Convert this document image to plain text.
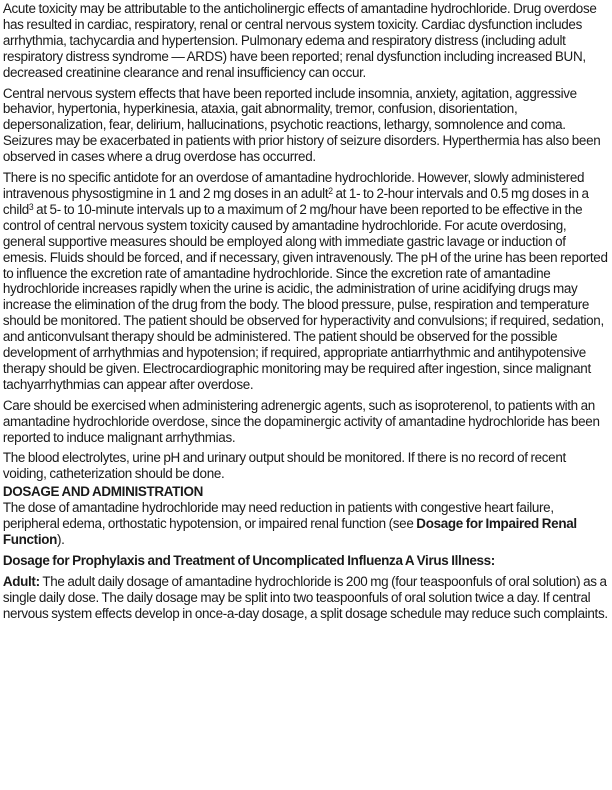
Acute toxicity may be attributable to the anticholinergic effects of amantadine hydrochloride. Drug overdose has resulted in cardiac, respiratory, renal or central nervous system toxicity. Cardiac dysfunction includes arrhythmia, tachycardia and hypertension. Pulmonary edema and respiratory distress (including adult respiratory distress syndrome — ARDS) have been reported; renal dysfunction including increased BUN, decreased creatinine clearance and renal insufficiency can occur.

Central nervous system effects that have been reported include insomnia, anxiety, agitation, aggressive behavior, hypertonia, hyperkinesia, ataxia, gait abnormality, tremor, confusion, disorientation, depersonalization, fear, delirium, hallucinations, psychotic reactions, lethargy, somnolence and coma. Seizures may be exacerbated in patients with prior history of seizure disorders. Hyperthermia has also been observed in cases where a drug overdose has occurred.

There is no specific antidote for an overdose of amantadine hydrochloride. However, slowly administered intravenous physostigmine in 1 and 2 mg doses in an adult$^2$ at 1- to 2-hour intervals and 0.5 mg doses in a child$^3$ at 5- to 10-minute intervals up to a maximum of 2 mg/hour have been reported to be effective in the control of central nervous system toxicity caused by amantadine hydrochloride. For acute overdosing, general supportive measures should be employed along with immediate gastric lavage or induction of emesis. Fluids should be forced, and if necessary, given intravenously. The pH of the urine has been reported to influence the excretion rate of amantadine hydrochloride. Since the excretion rate of amantadine hydrochloride increases rapidly when the urine is acidic, the administration of urine acidifying drugs may increase the elimination of the drug from the body. The blood pressure, pulse, respiration and temperature should be monitored. The patient should be observed for hyperactivity and convulsions; if required, sedation, and anticonvulsant therapy should be administered. The patient should be observed for the possible development of arrhythmias and hypotension; if required, appropriate antiarrhythmic and antihypotensive therapy should be given. Electrocardiographic monitoring may be required after ingestion, since malignant tachyarrhythmias can appear after overdose.

Care should be exercised when administering adrenergic agents, such as isoproterenol, to patients with an amantadine hydrochloride overdose, since the dopaminergic activity of amantadine hydrochloride has been reported to induce malignant arrhythmias.

The blood electrolytes, urine pH and urinary output should be monitored. If there is no record of recent voiding, catheterization should be done.

DOSAGE AND ADMINISTRATION

The dose of amantadine hydrochloride may need reduction in patients with congestive heart failure, peripheral edema, orthostatic hypotension, or impaired renal function (see Dosage for Impaired Renal Function).

Dosage for Prophylaxis and Treatment of Uncomplicated Influenza A Virus Illness:

Adult: The adult daily dosage of amantadine hydrochloride is 200 mg (four teaspoonfuls of oral solution) as a single daily dose. The daily dosage may be split into two teaspoonfuls of oral solution twice a day. If central nervous system effects develop in once-a-day dosage, a split dosage schedule may reduce such complaints.
